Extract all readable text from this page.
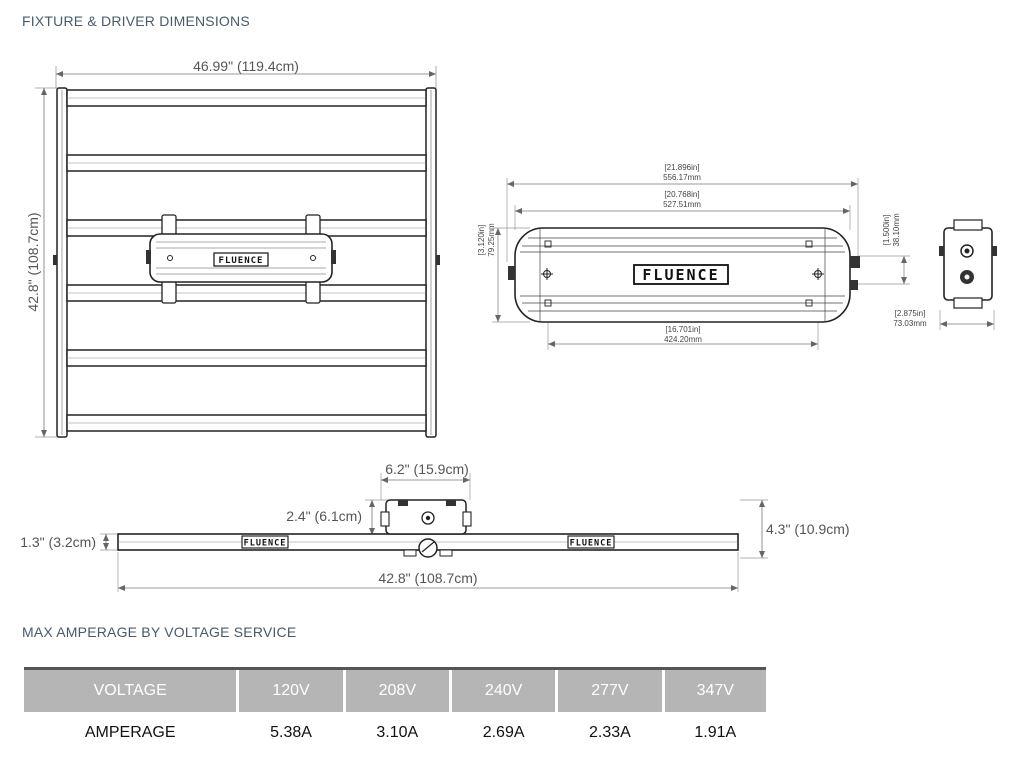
FIXTURE & DRIVER DIMENSIONS
46.99" (119.4cm)
42.8" (108.7cm)	FLUENCE
[21.896in]
556.17mm
[20.768in]
527.51mm
[3.120in] 79.25mm	[1.500in] 38.10mm
[16.701in]
424.20mm
FLUENCE
[2.875in]
73.03mm
6.2" (15.9cm)
2.4" (6.1cm)
1.3" (3.2cm)
4.3" (10.9cm)
42.8" (108.7cm)
FLUENCE	FLUENCE
MAX AMPERAGE BY VOLTAGE SERVICE
VOLTAGE	120V	208V	240V	277V	347V
AMPERAGE	5.38A	3.10A	2.69A	2.33A	1.91A
